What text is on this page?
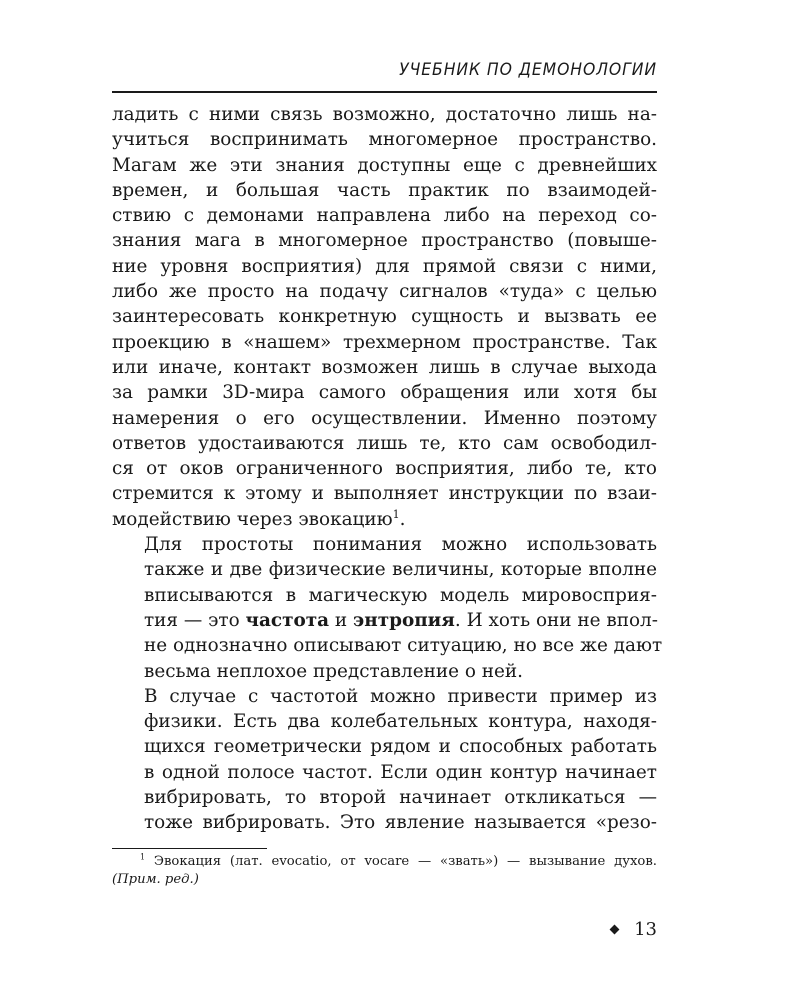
УЧЕБНИК ПО ДЕМОНОЛОГИИ

ладить с ними связь возможно, достаточно лишь на-
учиться воспринимать многомерное пространство.
Магам же эти знания доступны еще с древнейших
времен, и большая часть практик по взаимодей-
ствию с демонами направлена либо на переход со-
знания мага в многомерное пространство (повыше-
ние уровня восприятия) для прямой связи с ними,
либо же просто на подачу сигналов «туда» с целью
заинтересовать конкретную сущность и вызвать ее
проекцию в «нашем» трехмерном пространстве. Так
или иначе, контакт возможен лишь в случае выхода
за рамки 3D-мира самого обращения или хотя бы
намерения о его осуществлении. Именно поэтому
ответов удостаиваются лишь те, кто сам освободил-
ся от оков ограниченного восприятия, либо те, кто
стремится к этому и выполняет инструкции по взаи-
модействию через эвокацию$^1$.

Для простоты понимания можно использовать
также и две физические величины, которые вполне
вписываются в магическую модель мировосприя-
тия — это частота и энтропия. И хоть они не впол-
не однозначно описывают ситуацию, но все же дают
весьма неплохое представление о ней.

В случае с частотой можно привести пример из
физики. Есть два колебательных контура, находя-
щихся геометрически рядом и способных работать
в одной полосе частот. Если один контур начинает
вибрировать, то второй начинает откликаться —
тоже вибрировать. Это явление называется «резо-

$^1$ Эвокация (лат. evocatio, от vocare — «звать») — вызывание духов.
(Прим. ред.)
13
